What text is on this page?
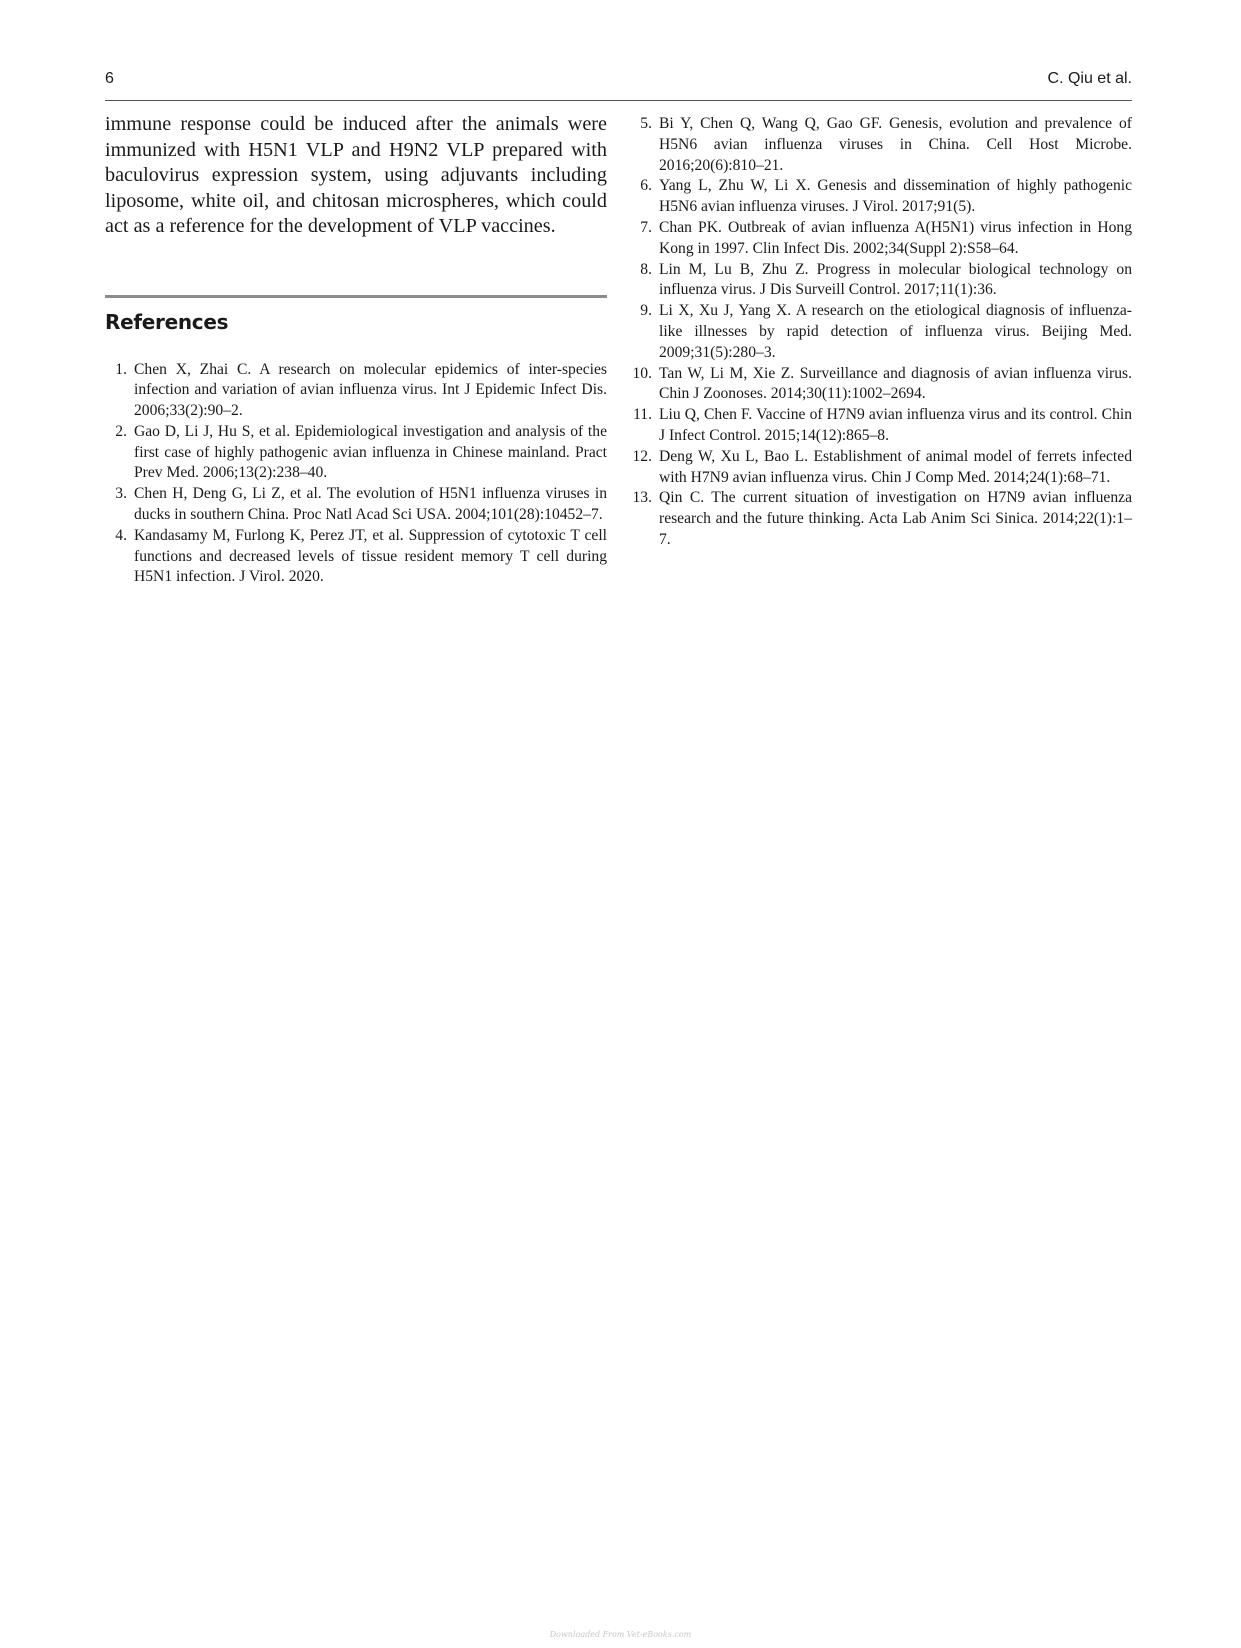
6	C. Qiu et al.

immune response could be induced after the animals were immunized with H5N1 VLP and H9N2 VLP prepared with baculovirus expression system, using adjuvants including liposome, white oil, and chitosan microspheres, which could act as a reference for the development of VLP vaccines.

References
1. Chen X, Zhai C. A research on molecular epidemics of inter-species infection and variation of avian influenza virus. Int J Epidemic Infect Dis. 2006;33(2):90–2.
2. Gao D, Li J, Hu S, et al. Epidemiological investigation and analysis of the first case of highly pathogenic avian influenza in Chinese mainland. Pract Prev Med. 2006;13(2):238–40.
3. Chen H, Deng G, Li Z, et al. The evolution of H5N1 influenza viruses in ducks in southern China. Proc Natl Acad Sci USA. 2004;101(28):10452–7.
4. Kandasamy M, Furlong K, Perez JT, et al. Suppression of cytotoxic T cell functions and decreased levels of tissue resident memory T cell during H5N1 infection. J Virol. 2020.
5. Bi Y, Chen Q, Wang Q, Gao GF. Genesis, evolution and prevalence of H5N6 avian influenza viruses in China. Cell Host Microbe. 2016;20(6):810–21.
6. Yang L, Zhu W, Li X. Genesis and dissemination of highly pathogenic H5N6 avian influenza viruses. J Virol. 2017;91(5).
7. Chan PK. Outbreak of avian influenza A(H5N1) virus infection in Hong Kong in 1997. Clin Infect Dis. 2002;34(Suppl 2):S58–64.
8. Lin M, Lu B, Zhu Z. Progress in molecular biological technology on influenza virus. J Dis Surveill Control. 2017;11(1):36.
9. Li X, Xu J, Yang X. A research on the etiological diagnosis of influenza-like illnesses by rapid detection of influenza virus. Beijing Med. 2009;31(5):280–3.
10. Tan W, Li M, Xie Z. Surveillance and diagnosis of avian influenza virus. Chin J Zoonoses. 2014;30(11):1002–2694.
11. Liu Q, Chen F. Vaccine of H7N9 avian influenza virus and its control. Chin J Infect Control. 2015;14(12):865–8.
12. Deng W, Xu L, Bao L. Establishment of animal model of ferrets infected with H7N9 avian influenza virus. Chin J Comp Med. 2014;24(1):68–71.
13. Qin C. The current situation of investigation on H7N9 avian influenza research and the future thinking. Acta Lab Anim Sci Sinica. 2014;22(1):1–7.
Downloaded From Vet-eBooks.com
